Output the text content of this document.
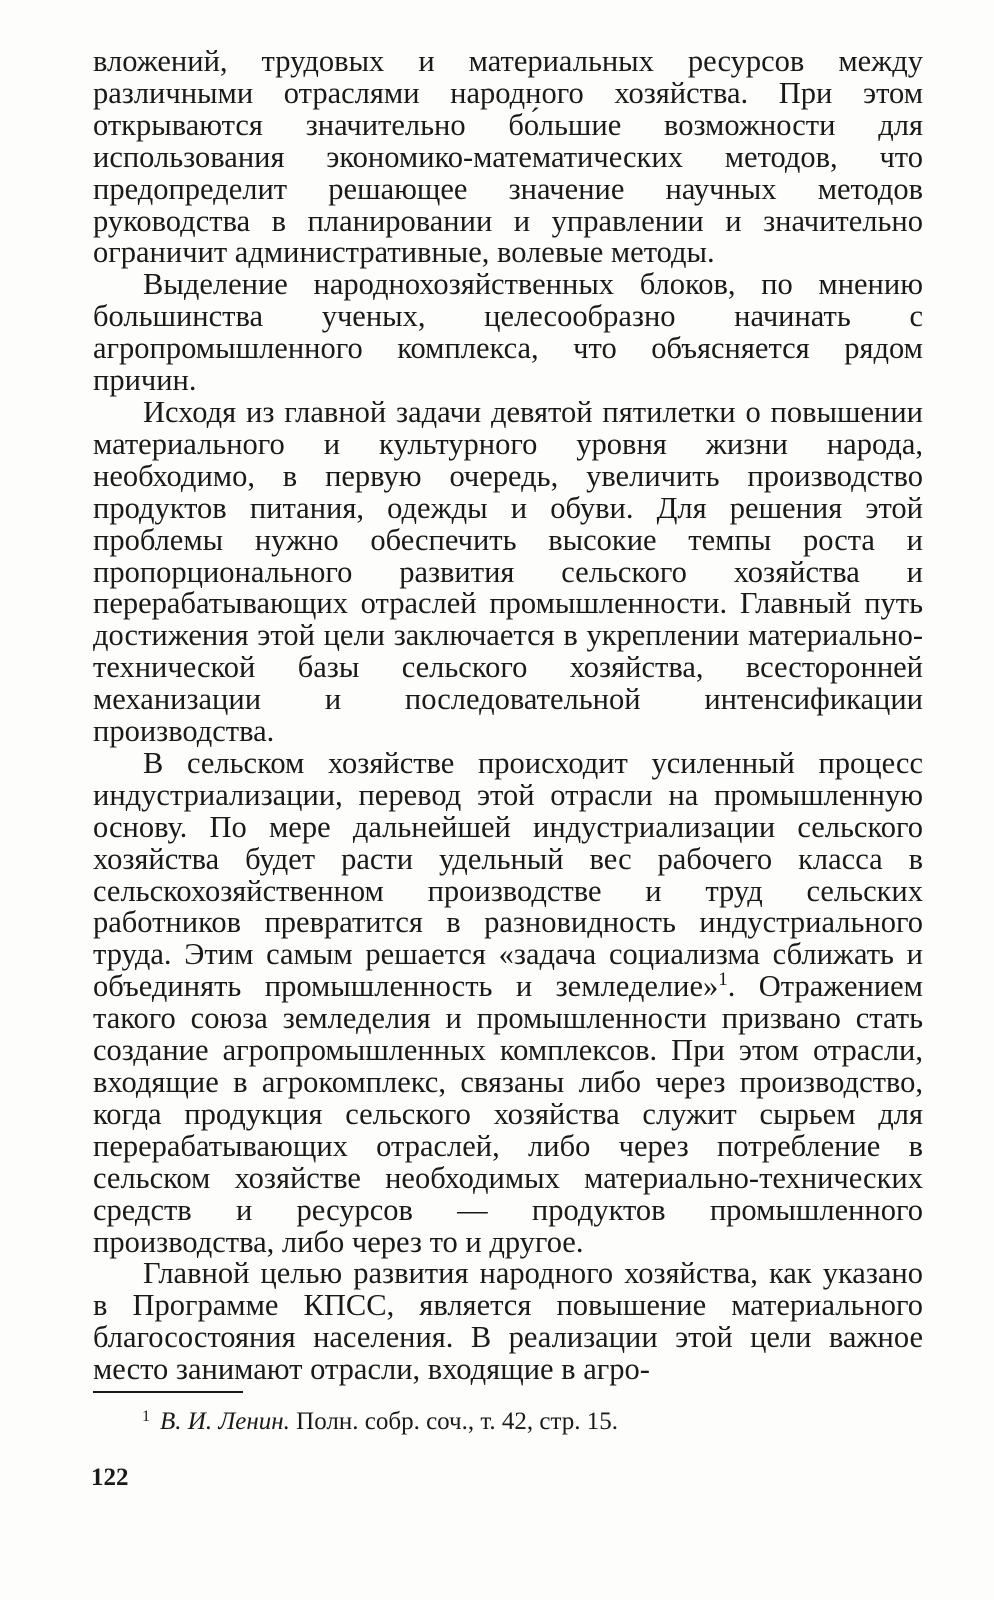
вложений, трудовых и материальных ресурсов между различными отраслями народного хозяйства. При этом открываются значительно бо́льшие возможности для использования экономико-математических методов, что предопределит решающее значение научных методов руководства в планировании и управлении и значительно ограничит административные, волевые методы.

Выделение народнохозяйственных блоков, по мнению большинства ученых, целесообразно начинать с агропромышленного комплекса, что объясняется рядом причин.

Исходя из главной задачи девятой пятилетки о повышении материального и культурного уровня жизни народа, необходимо, в первую очередь, увеличить производство продуктов питания, одежды и обуви. Для решения этой проблемы нужно обеспечить высокие темпы роста и пропорционального развития сельского хозяйства и перерабатывающих отраслей промышленности. Главный путь достижения этой цели заключается в укреплении материально-технической базы сельского хозяйства, всесторонней механизации и последовательной интенсификации производства.

В сельском хозяйстве происходит усиленный процесс индустриализации, перевод этой отрасли на промышленную основу. По мере дальнейшей индустриализации сельского хозяйства будет расти удельный вес рабочего класса в сельскохозяйственном производстве и труд сельских работников превратится в разновидность индустриального труда. Этим самым решается «задача социализма сближать и объединять промышленность и земледелие»$^1$. Отражением такого союза земледелия и промышленности призвано стать создание агропромышленных комплексов. При этом отрасли, входящие в агрокомплекс, связаны либо через производство, когда продукция сельского хозяйства служит сырьем для перерабатывающих отраслей, либо через потребление в сельском хозяйстве необходимых материально-технических средств и ресурсов — продуктов промышленного производства, либо через то и другое.

Главной целью развития народного хозяйства, как указано в Программе КПСС, является повышение материального благосостояния населения. В реализации этой цели важное место занимают отрасли, входящие в агро-

$^1$ В. И. Ленин. Полн. собр. соч., т. 42, стр. 15.
122
